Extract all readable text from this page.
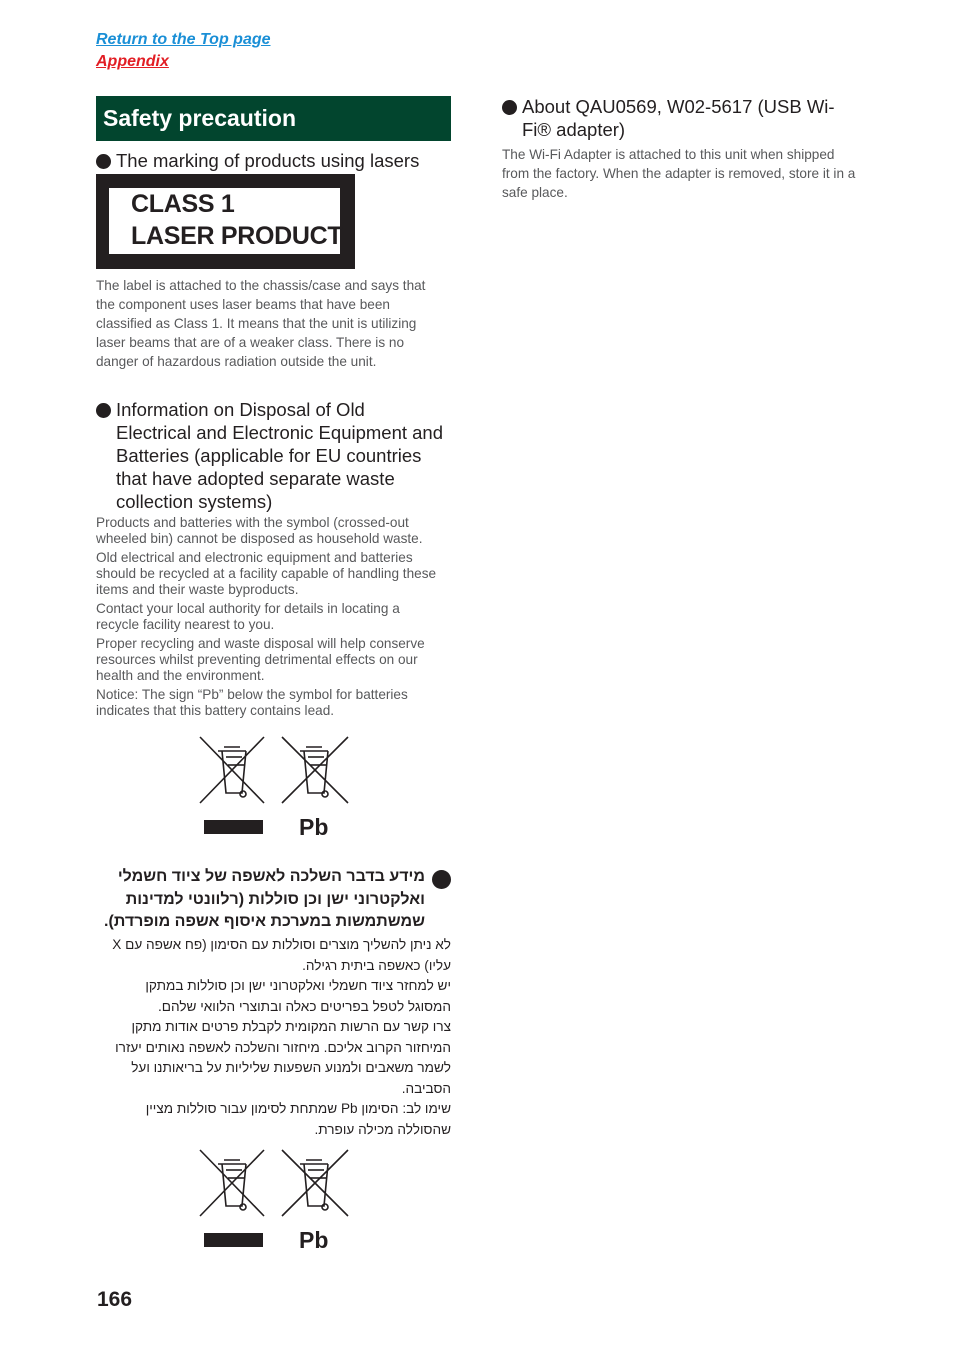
Return to the Top page
Appendix
Safety precaution
The marking of products using lasers
CLASS 1
LASER PRODUCT
The label is attached to the chassis/case and says that the component uses laser beams that have been classified as Class 1. It means that the unit is utilizing laser beams that are of a weaker class. There is no danger of hazardous radiation outside the unit.
Information on Disposal of Old Electrical and Electronic Equipment and Batteries (applicable for EU countries that have adopted separate waste collection systems)

Products and batteries with the symbol (crossed-out wheeled bin) cannot be disposed as household waste.

Old electrical and electronic equipment and batteries should be recycled at a facility capable of handling these items and their waste byproducts.

Contact your local authority for details in locating a recycle facility nearest to you.

Proper recycling and waste disposal will help conserve resources whilst preventing detrimental effects on our health and the environment.

Notice: The sign “Pb” below the symbol for batteries indicates that this battery contains lead.

Pb
מידע בדבר השלכה לאשפה של ציוד חשמלי
ואלקטרוני ישן וכן סוללות (רלוונטי למדינות
שמשתמשות במערכת איסוף אשפה מופרדת).
לא ניתן להשליך מוצרים וסוללות עם הסימון (פח אשפה עם X
עליו) כאשפה ביתית רגילה.
יש למחזר ציוד חשמלי ואלקטרוני ישן וכן סוללות במתקן
המסוגל לטפל בפריטים כאלה ובתוצרי הלוואי שלהם.
צרו קשר עם הרשות המקומית לקבלת פרטים אודות מתקן
המיחזור הקרוב אליכם. מיחזור והשלכה לאשפה נאותים יעזרו
לשמר משאבים ולמנוע השפעות שליליות על בריאותנו ועל
הסביבה.
שימו לב: הסימון Pb שמתחת לסימון עבור סוללות מציין
שהסוללה מכילה עופרת.
Pb
About QAU0569, W02-5617 (USB Wi-Fi® adapter)
The Wi-Fi Adapter is attached to this unit when shipped from the factory. When the adapter is removed, store it in a safe place.
166
